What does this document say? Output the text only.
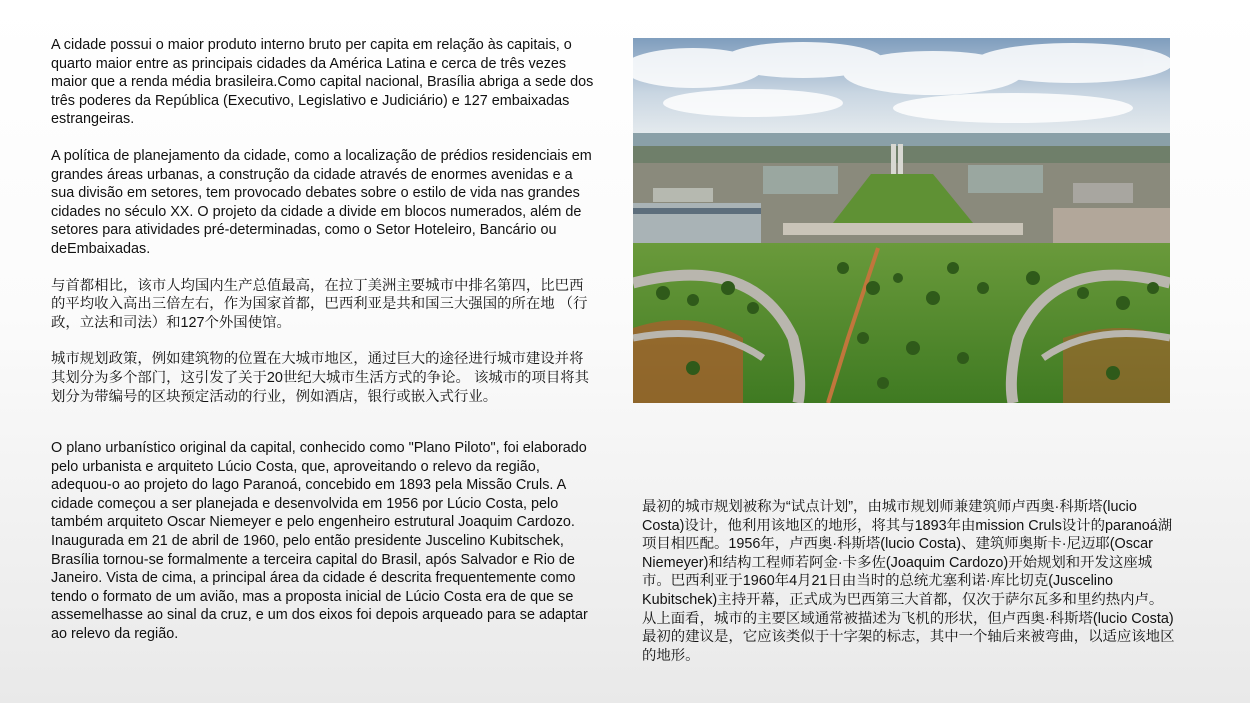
A cidade possui o maior produto interno bruto per capita em relação às capitais, o quarto maior entre as principais cidades da América Latina e cerca de três vezes maior que a renda média brasileira.Como capital nacional, Brasília abriga a sede dos três poderes da República (Executivo, Legislativo e Judiciário) e 127 embaixadas estrangeiras.

A política de planejamento da cidade, como a localização de prédios residenciais em grandes áreas urbanas, a construção da cidade através de enormes avenidas e a sua divisão em setores, tem provocado debates sobre o estilo de vida nas grandes cidades no século XX. O projeto da cidade a divide em blocos numerados, além de setores para atividades pré-determinadas, como o Setor Hoteleiro, Bancário ou deEmbaixadas.

与首都相比，该市人均国内生产总值最高，在拉丁美洲主要城市中排名第四，比巴西的平均收入高出三倍左右，作为国家首都，巴西利亚是共和国三大强国的所在地 （行政，立法和司法）和127个外国使馆。

城市规划政策，例如建筑物的位置在大城市地区，通过巨大的途径进行城市建设并将其划分为多个部门，这引发了关于20世纪大城市生活方式的争论。 该城市的项目将其划分为带编号的区块预定活动的行业，例如酒店，银行或嵌入式行业。

O plano urbanístico original da capital, conhecido como "Plano Piloto", foi elaborado pelo urbanista e arquiteto Lúcio Costa, que, aproveitando o relevo da região, adequou-o ao projeto do lago Paranoá, concebido em 1893 pela Missão Cruls. A cidade começou a ser planejada e desenvolvida em 1956 por Lúcio Costa, pelo também arquiteto Oscar Niemeyer e pelo engenheiro estrutural Joaquim Cardozo. Inaugurada em 21 de abril de 1960, pelo então presidente Juscelino Kubitschek, Brasília tornou-se formalmente a terceira capital do Brasil, após Salvador e Rio de Janeiro. Vista de cima, a principal área da cidade é descrita frequentemente como tendo o formato de um avião, mas a proposta inicial de Lúcio Costa era de que se assemelhasse ao sinal da cruz, e um dos eixos foi depois arqueado para se adaptar ao relevo da região.

最初的城市规划被称为“试点计划”，由城市规划师兼建筑师卢西奥·科斯塔(lucio Costa)设计，他利用该地区的地形，将其与1893年由mission Cruls设计的paranoá湖项目相匹配。1956年，卢西奥·科斯塔(lucio Costa)、建筑师奥斯卡·尼迈耶(Oscar Niemeyer)和结构工程师若阿金·卡多佐(Joaquim Cardozo)开始规划和开发这座城市。巴西利亚于1960年4月21日由当时的总统尤塞利诺·库比切克(Juscelino Kubitschek)主持开幕，正式成为巴西第三大首都，仅次于萨尔瓦多和里约热内卢。从上面看，城市的主要区域通常被描述为飞机的形状，但卢西奥·科斯塔(lucio Costa)最初的建议是，它应该类似于十字架的标志，其中一个轴后来被弯曲，以适应该地区的地形。
